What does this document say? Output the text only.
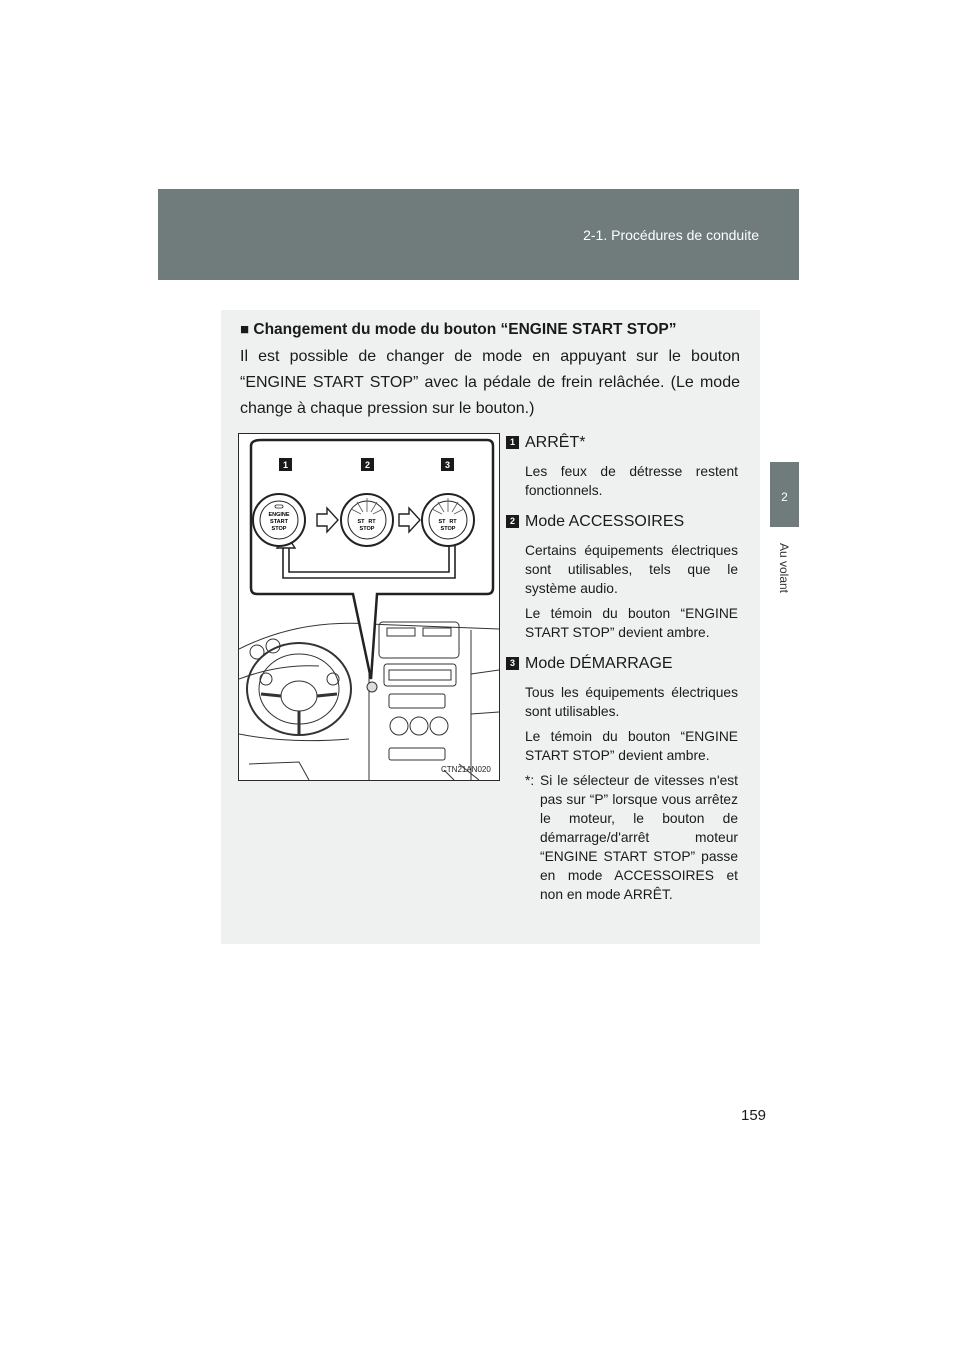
2-1. Procédures de conduite
2
Au volant
■ Changement du mode du bouton “ENGINE START STOP”
Il est possible de changer de mode en appuyant sur le bouton “ENGINE START STOP” avec la pédale de frein relâchée. (Le mode change à chaque pression sur le bouton.)
1	2	3
ENGINE
START
STOP
ST RT
STOP
ST RT
STOP
CTN21AN020
1 ARRÊT*

Les feux de détresse restent fonctionnels.

2 Mode ACCESSOIRES

Certains équipements électriques sont utilisables, tels que le système audio.

Le témoin du bouton “ENGINE START STOP” devient ambre.

3 Mode DÉMARRAGE

Tous les équipements électriques sont utilisables.

Le témoin du bouton “ENGINE START STOP” devient ambre.

*: Si le sélecteur de vitesses n'est pas sur “P” lorsque vous arrêtez le moteur, le bouton de démarrage/d'arrêt moteur “ENGINE START STOP” passe en mode ACCESSOIRES et non en mode ARRÊT.
159
